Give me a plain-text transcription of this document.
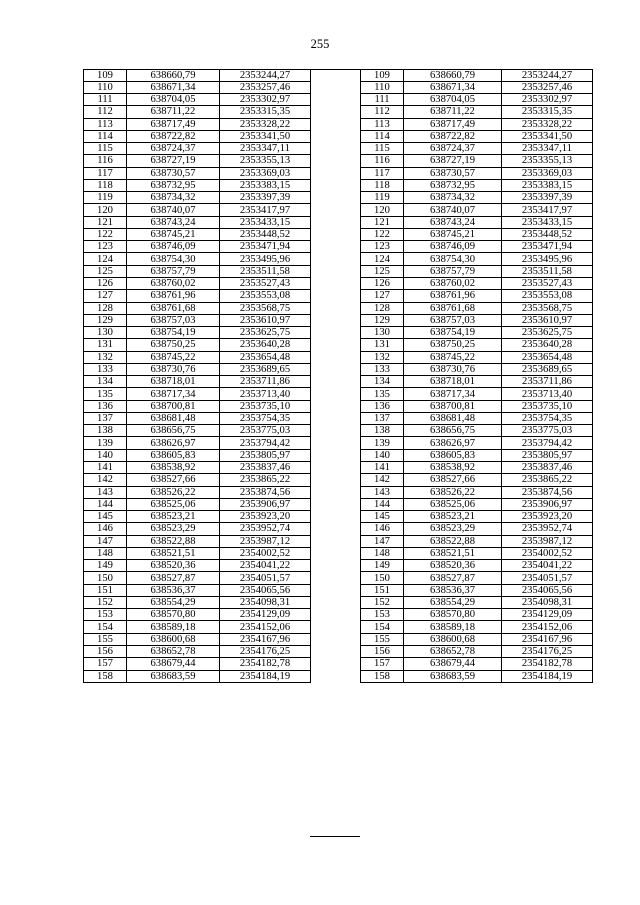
255
109	638660,79	2353244,27
110	638671,34	2353257,46
111	638704,05	2353302,97
112	638711,22	2353315,35
113	638717,49	2353328,22
114	638722,82	2353341,50
115	638724,37	2353347,11
116	638727,19	2353355,13
117	638730,57	2353369,03
118	638732,95	2353383,15
119	638734,32	2353397,39
120	638740,07	2353417,97
121	638743,24	2353433,15
122	638745,21	2353448,52
123	638746,09	2353471,94
124	638754,30	2353495,96
125	638757,79	2353511,58
126	638760,02	2353527,43
127	638761,96	2353553,08
128	638761,68	2353568,75
129	638757,03	2353610,97
130	638754,19	2353625,75
131	638750,25	2353640,28
132	638745,22	2353654,48
133	638730,76	2353689,65
134	638718,01	2353711,86
135	638717,34	2353713,40
136	638700,81	2353735,10
137	638681,48	2353754,35
138	638656,75	2353775,03
139	638626,97	2353794,42
140	638605,83	2353805,97
141	638538,92	2353837,46
142	638527,66	2353865,22
143	638526,22	2353874,56
144	638525,06	2353906,97
145	638523,21	2353923,20
146	638523,29	2353952,74
147	638522,88	2353987,12
148	638521,51	2354002,52
149	638520,36	2354041,22
150	638527,87	2354051,57
151	638536,37	2354065,56
152	638554,29	2354098,31
153	638570,80	2354129,09
154	638589,18	2354152,06
155	638600,68	2354167,96
156	638652,78	2354176,25
157	638679,44	2354182,78
158	638683,59	2354184,19
109	638660,79	2353244,27
110	638671,34	2353257,46
111	638704,05	2353302,97
112	638711,22	2353315,35
113	638717,49	2353328,22
114	638722,82	2353341,50
115	638724,37	2353347,11
116	638727,19	2353355,13
117	638730,57	2353369,03
118	638732,95	2353383,15
119	638734,32	2353397,39
120	638740,07	2353417,97
121	638743,24	2353433,15
122	638745,21	2353448,52
123	638746,09	2353471,94
124	638754,30	2353495,96
125	638757,79	2353511,58
126	638760,02	2353527,43
127	638761,96	2353553,08
128	638761,68	2353568,75
129	638757,03	2353610,97
130	638754,19	2353625,75
131	638750,25	2353640,28
132	638745,22	2353654,48
133	638730,76	2353689,65
134	638718,01	2353711,86
135	638717,34	2353713,40
136	638700,81	2353735,10
137	638681,48	2353754,35
138	638656,75	2353775,03
139	638626,97	2353794,42
140	638605,83	2353805,97
141	638538,92	2353837,46
142	638527,66	2353865,22
143	638526,22	2353874,56
144	638525,06	2353906,97
145	638523,21	2353923,20
146	638523,29	2353952,74
147	638522,88	2353987,12
148	638521,51	2354002,52
149	638520,36	2354041,22
150	638527,87	2354051,57
151	638536,37	2354065,56
152	638554,29	2354098,31
153	638570,80	2354129,09
154	638589,18	2354152,06
155	638600,68	2354167,96
156	638652,78	2354176,25
157	638679,44	2354182,78
158	638683,59	2354184,19
